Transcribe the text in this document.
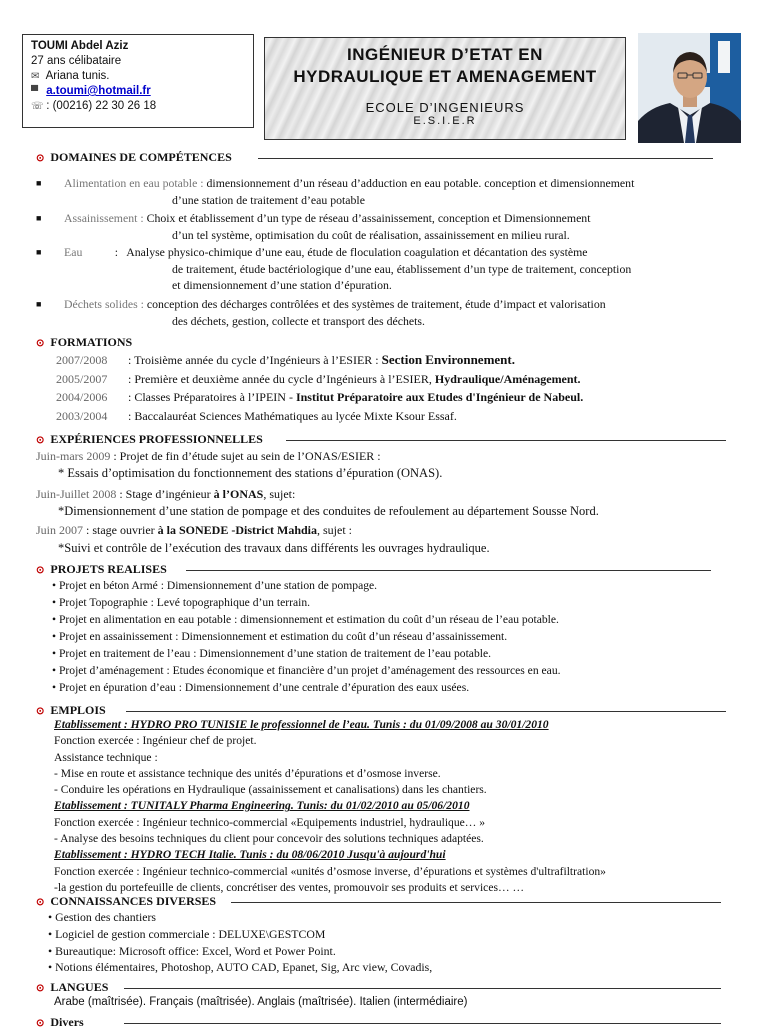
TOUMI Abdel Aziz
27 ans célibataire
✉ Ariana tunis.
▀ a.toumi@hotmail.fr
☏ : (00216) 22 30 26 18
INGÉNIEUR D’ETAT EN
HYDRAULIQUE ET AMENAGEMENT
ECOLE D’INGENIEURS
E.S.I.E.R
⊙ DOMAINES DE COMPÉTENCES
■ Alimentation en eau potable : dimensionnement d’un réseau d’adduction en eau potable. conception et dimensionnement
d’une station de traitement d’eau potable
■ Assainissement : Choix et établissement d’un type de réseau d’assainissement, conception et Dimensionnement
d’un tel système, optimisation du coût de réalisation, assainissement en milieu rural.
■ Eau           :   Analyse physico-chimique d’une eau, étude de floculation coagulation et décantation des système
de traitement, étude bactériologique d’une eau, établissement d’un type de traitement, conception
et dimensionnement d’une station d’épuration.
■ Déchets solides : conception des décharges contrôlées et des systèmes de traitement, étude d’impact et valorisation
des déchets, gestion, collecte et transport des déchets.
⊙ FORMATIONS
2007/2008 : Troisième année du cycle d’Ingénieurs à l’ESIER : Section Environnement.
2005/2007 : Première et deuxième année du cycle d’Ingénieurs à l’ESIER, Hydraulique/Aménagement.
2004/2006 : Classes Préparatoires à l’IPEIN - Institut Préparatoire aux Etudes d'Ingénieur de Nabeul.
2003/2004 : Baccalauréat Sciences Mathématiques au lycée Mixte Ksour Essaf.
⊙ EXPÉRIENCES PROFESSIONNELLES
Juin-mars 2009 : Projet de fin d’étude sujet au sein de l’ONAS/ESIER :
* Essais d’optimisation du fonctionnement des stations d’épuration (ONAS).
Juin-Juillet 2008 : Stage d’ingénieur à l’ONAS, sujet:
*Dimensionnement d’une station de pompage et des conduites de refoulement au département Sousse Nord.
Juin 2007 : stage ouvrier à la SONEDE -District Mahdia, sujet :
*Suivi et contrôle de l’exécution des travaux dans différents les ouvrages hydraulique.
⊙ PROJETS REALISES
• Projet en béton Armé : Dimensionnement d’une station de pompage.
• Projet Topographie : Levé topographique d’un terrain.
• Projet en alimentation en eau potable : dimensionnement et estimation du coût d’un réseau de l’eau potable.
• Projet en assainissement : Dimensionnement et estimation du coût d’un réseau d’assainissement.
• Projet en traitement de l’eau : Dimensionnement d’une station de traitement de l’eau potable.
• Projet d’aménagement : Etudes économique et financière d’un projet d’aménagement des ressources en eau.
• Projet en épuration d’eau : Dimensionnement d’une centrale d’épuration des eaux usées.
⊙ EMPLOIS
Etablissement : HYDRO PRO TUNISIE le professionnel de l’eau. Tunis : du 01/09/2008 au 30/01/2010
Fonction exercée : Ingénieur chef de projet.
Assistance technique :
- Mise en route et assistance technique des unités d’épurations et d’osmose inverse.
- Conduire les opérations en Hydraulique (assainissement et canalisations) dans les chantiers.
Etablissement : TUNITALY Pharma Engineering. Tunis: du 01/02/2010 au 05/06/2010
Fonction exercée : Ingénieur technico-commercial «Equipements industriel, hydraulique… »
- Analyse des besoins techniques du client pour concevoir des solutions techniques adaptées.
Etablissement : HYDRO TECH Italie. Tunis : du 08/06/2010 Jusqu'à aujourd'hui
Fonction exercée : Ingénieur technico-commercial «unités d’osmose inverse, d’épurations et systèmes d'ultrafiltration»
-la gestion du portefeuille de clients, concrétiser des ventes, promouvoir ses produits et services… …
⊙ CONNAISSANCES DIVERSES
• Gestion des chantiers
• Logiciel de gestion commerciale : DELUXE\GESTCOM
• Bureautique: Microsoft office: Excel, Word et Power Point.
• Notions élémentaires, Photoshop, AUTO CAD, Epanet, Sig, Arc view, Covadis,
⊙ LANGUES
Arabe (maîtrisée). Français (maîtrisée). Anglais (maîtrisée). Italien (intermédiaire)
⊙ Divers
